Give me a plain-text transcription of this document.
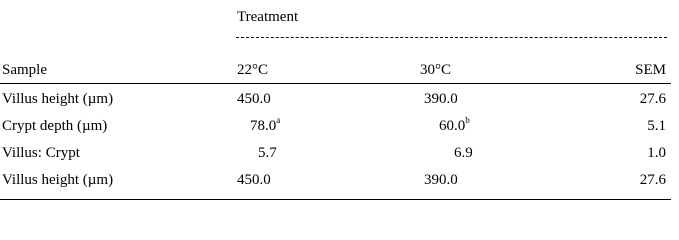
Treatment
Sample	22°C	30°C	SEM
Villus height (µm)	450.0	390.0	27.6
Crypt depth (µm)	78.0$^a$	60.0$^b$	5.1
Villus: Crypt	5.7	6.9	1.0
Villus height (µm)	450.0	390.0	27.6
